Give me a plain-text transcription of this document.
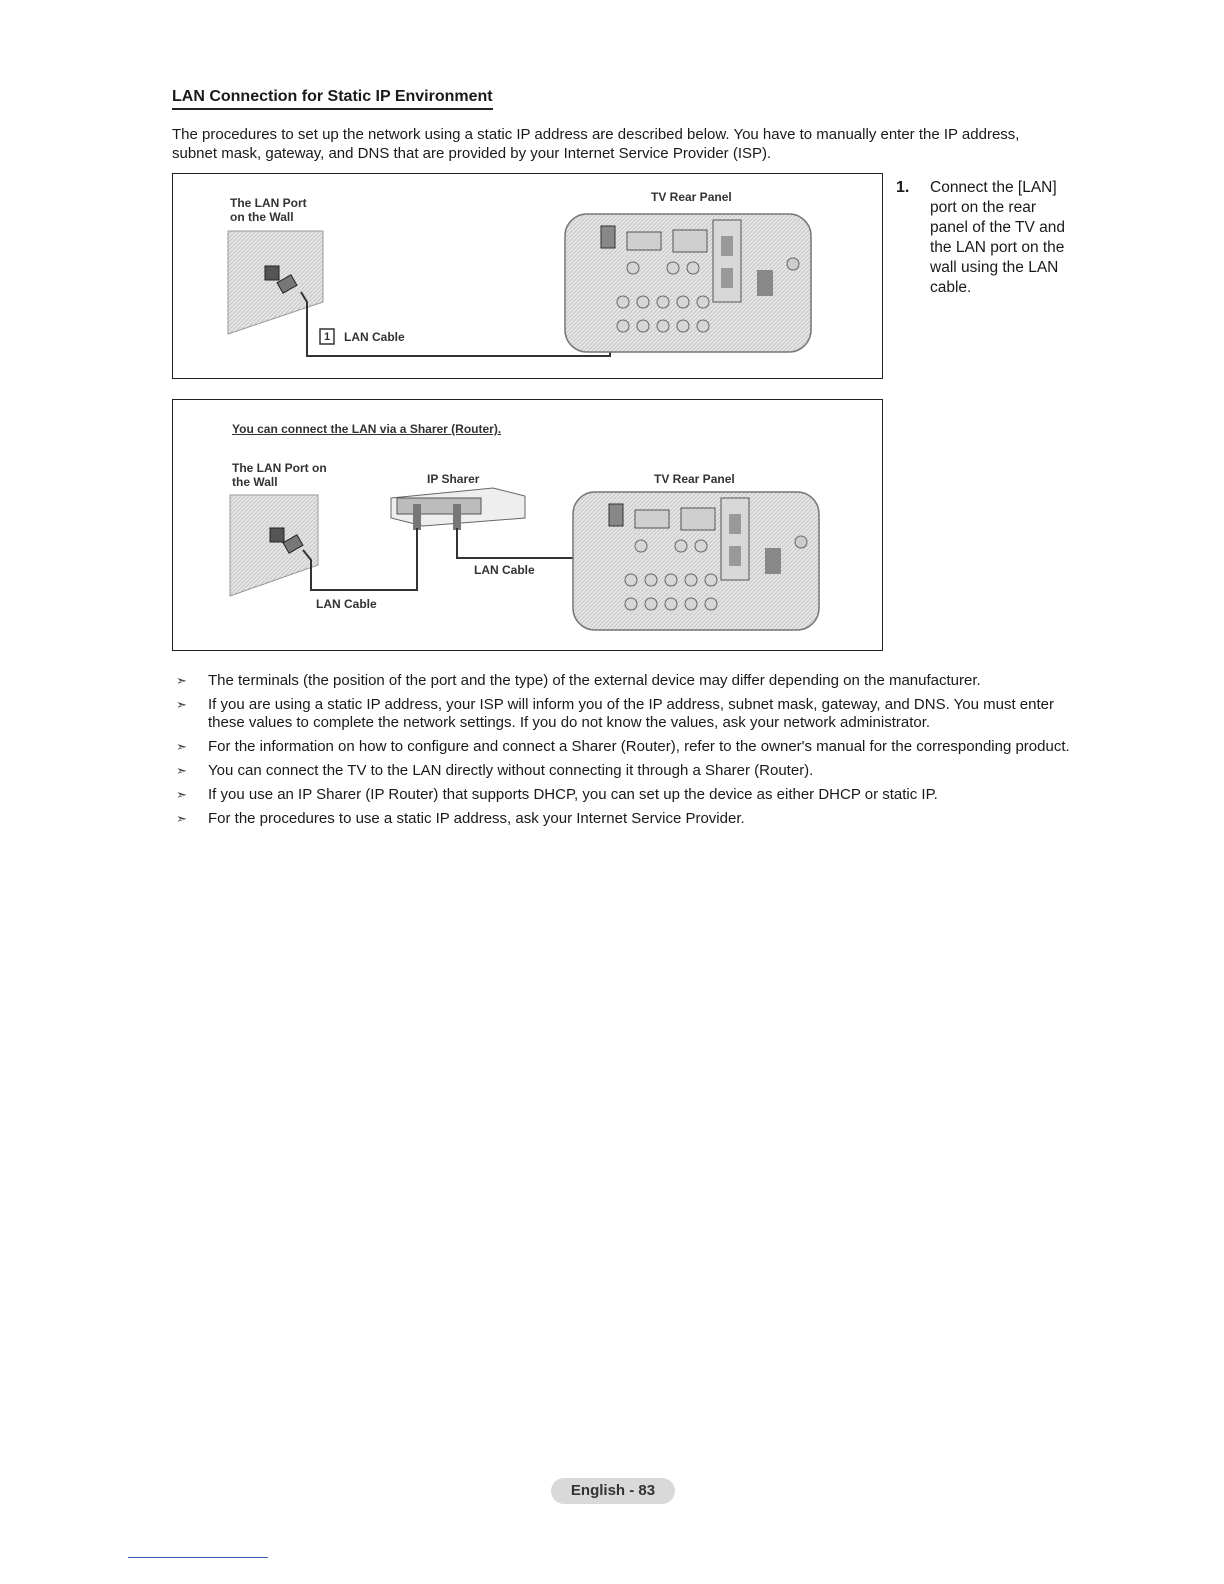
LAN Connection for Static IP Environment

The procedures to set up the network using a static IP address are described below. You have to manually enter the IP address, subnet mask, gateway, and DNS that are provided by your Internet Service Provider (ISP).

The LAN Port
on the Wall
TV Rear Panel
1 LAN Cable
1. Connect the [LAN] port on the rear panel of the TV and the LAN port on the wall using the LAN cable.
You can connect the LAN via a Sharer (Router).
The LAN Port on
the Wall	IP Sharer	TV Rear Panel
LAN Cable
LAN Cable
➣ The terminals (the position of the port and the type) of the external device may differ depending on the manufacturer.
➣ If you are using a static IP address, your ISP will inform you of the IP address, subnet mask, gateway, and DNS. You must enter these values to complete the network settings. If you do not know the values, ask your network administrator.
➣ For the information on how to configure and connect a Sharer (Router), refer to the owner's manual for the corresponding product.
➣ You can connect the TV to the LAN directly without connecting it through a Sharer (Router).
➣ If you use an IP Sharer (IP Router) that supports DHCP, you can set up the device as either DHCP or static IP.
➣ For the procedures to use a static IP address, ask your Internet Service Provider.
English - 83
